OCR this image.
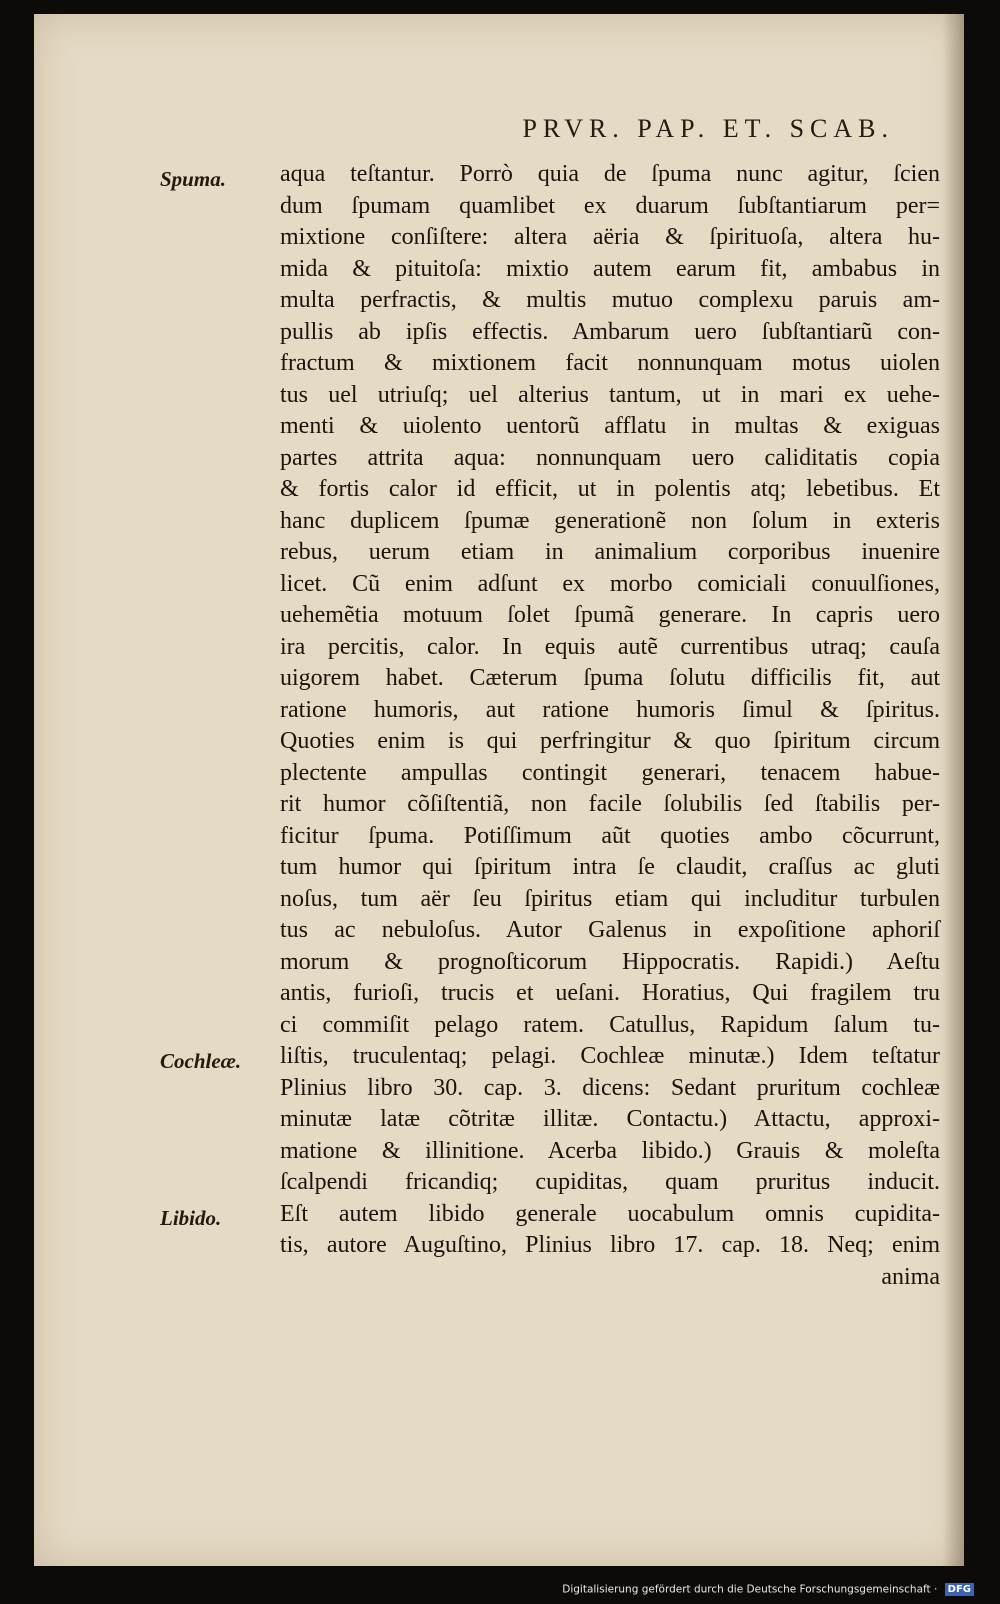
PRVR. PAP. ET. SCAB.
Spuma.
Cochleæ.
Libido.
aqua teſtantur. Porrò quia de ſpuma nunc agitur, ſcien
dum ſpumam quamlibet ex duarum ſubſtantiarum per=
mixtione conſiſtere: altera aëria & ſpirituoſa, altera hu-
mida & pituitoſa: mixtio autem earum fit, ambabus in
multa perfractis, & multis mutuo complexu paruis am-
pullis ab ipſis effectis. Ambarum uero ſubſtantiarũ con-
fractum & mixtionem facit nonnunquam motus uiolen
tus uel utriuſq; uel alterius tantum, ut in mari ex uehe-
menti & uiolento uentorũ afflatu in multas & exiguas
partes attrita aqua: nonnunquam uero caliditatis copia
& fortis calor id efficit, ut in polentis atq; lebetibus. Et
hanc duplicem ſpumæ generationẽ non ſolum in exteris
rebus, uerum etiam in animalium corporibus inuenire
licet. Cũ enim adſunt ex morbo comiciali conuulſiones,
uehemẽtia motuum ſolet ſpumã generare. In capris uero
ira percitis, calor. In equis autẽ currentibus utraq; cauſa
uigorem habet. Cæterum ſpuma ſolutu difficilis fit, aut
ratione humoris, aut ratione humoris ſimul & ſpiritus.
Quoties enim is qui perfringitur & quo ſpiritum circum
plectente ampullas contingit generari, tenacem habue-
rit humor cõſiſtentiã, non facile ſolubilis ſed ſtabilis per-
ficitur ſpuma. Potiſſimum aũt quoties ambo cõcurrunt,
tum humor qui ſpiritum intra ſe claudit, craſſus ac gluti
noſus, tum aër ſeu ſpiritus etiam qui includitur turbulen
tus ac nebuloſus. Autor Galenus in expoſitione aphoriſ
morum & prognoſticorum Hippocratis. Rapidi.) Aeſtu
antis, furioſi, trucis et ueſani. Horatius, Qui fragilem tru
ci commiſit pelago ratem. Catullus, Rapidum ſalum tu-
liſtis, truculentaq; pelagi. Cochleæ minutæ.) Idem teſtatur
Plinius libro 30. cap. 3. dicens: Sedant pruritum cochleæ
minutæ latæ cõtritæ illitæ. Contactu.) Attactu, approxi-
matione & illinitione. Acerba libido.) Grauis & moleſta
ſcalpendi fricandiq; cupiditas, quam pruritus inducit.
Eſt autem libido generale uocabulum omnis cupidita-
tis, autore Auguſtino, Plinius libro 17. cap. 18. Neq; enim
anima
Digitalisierung gefördert durch die Deutsche Forschungsgemeinschaft · DFG
